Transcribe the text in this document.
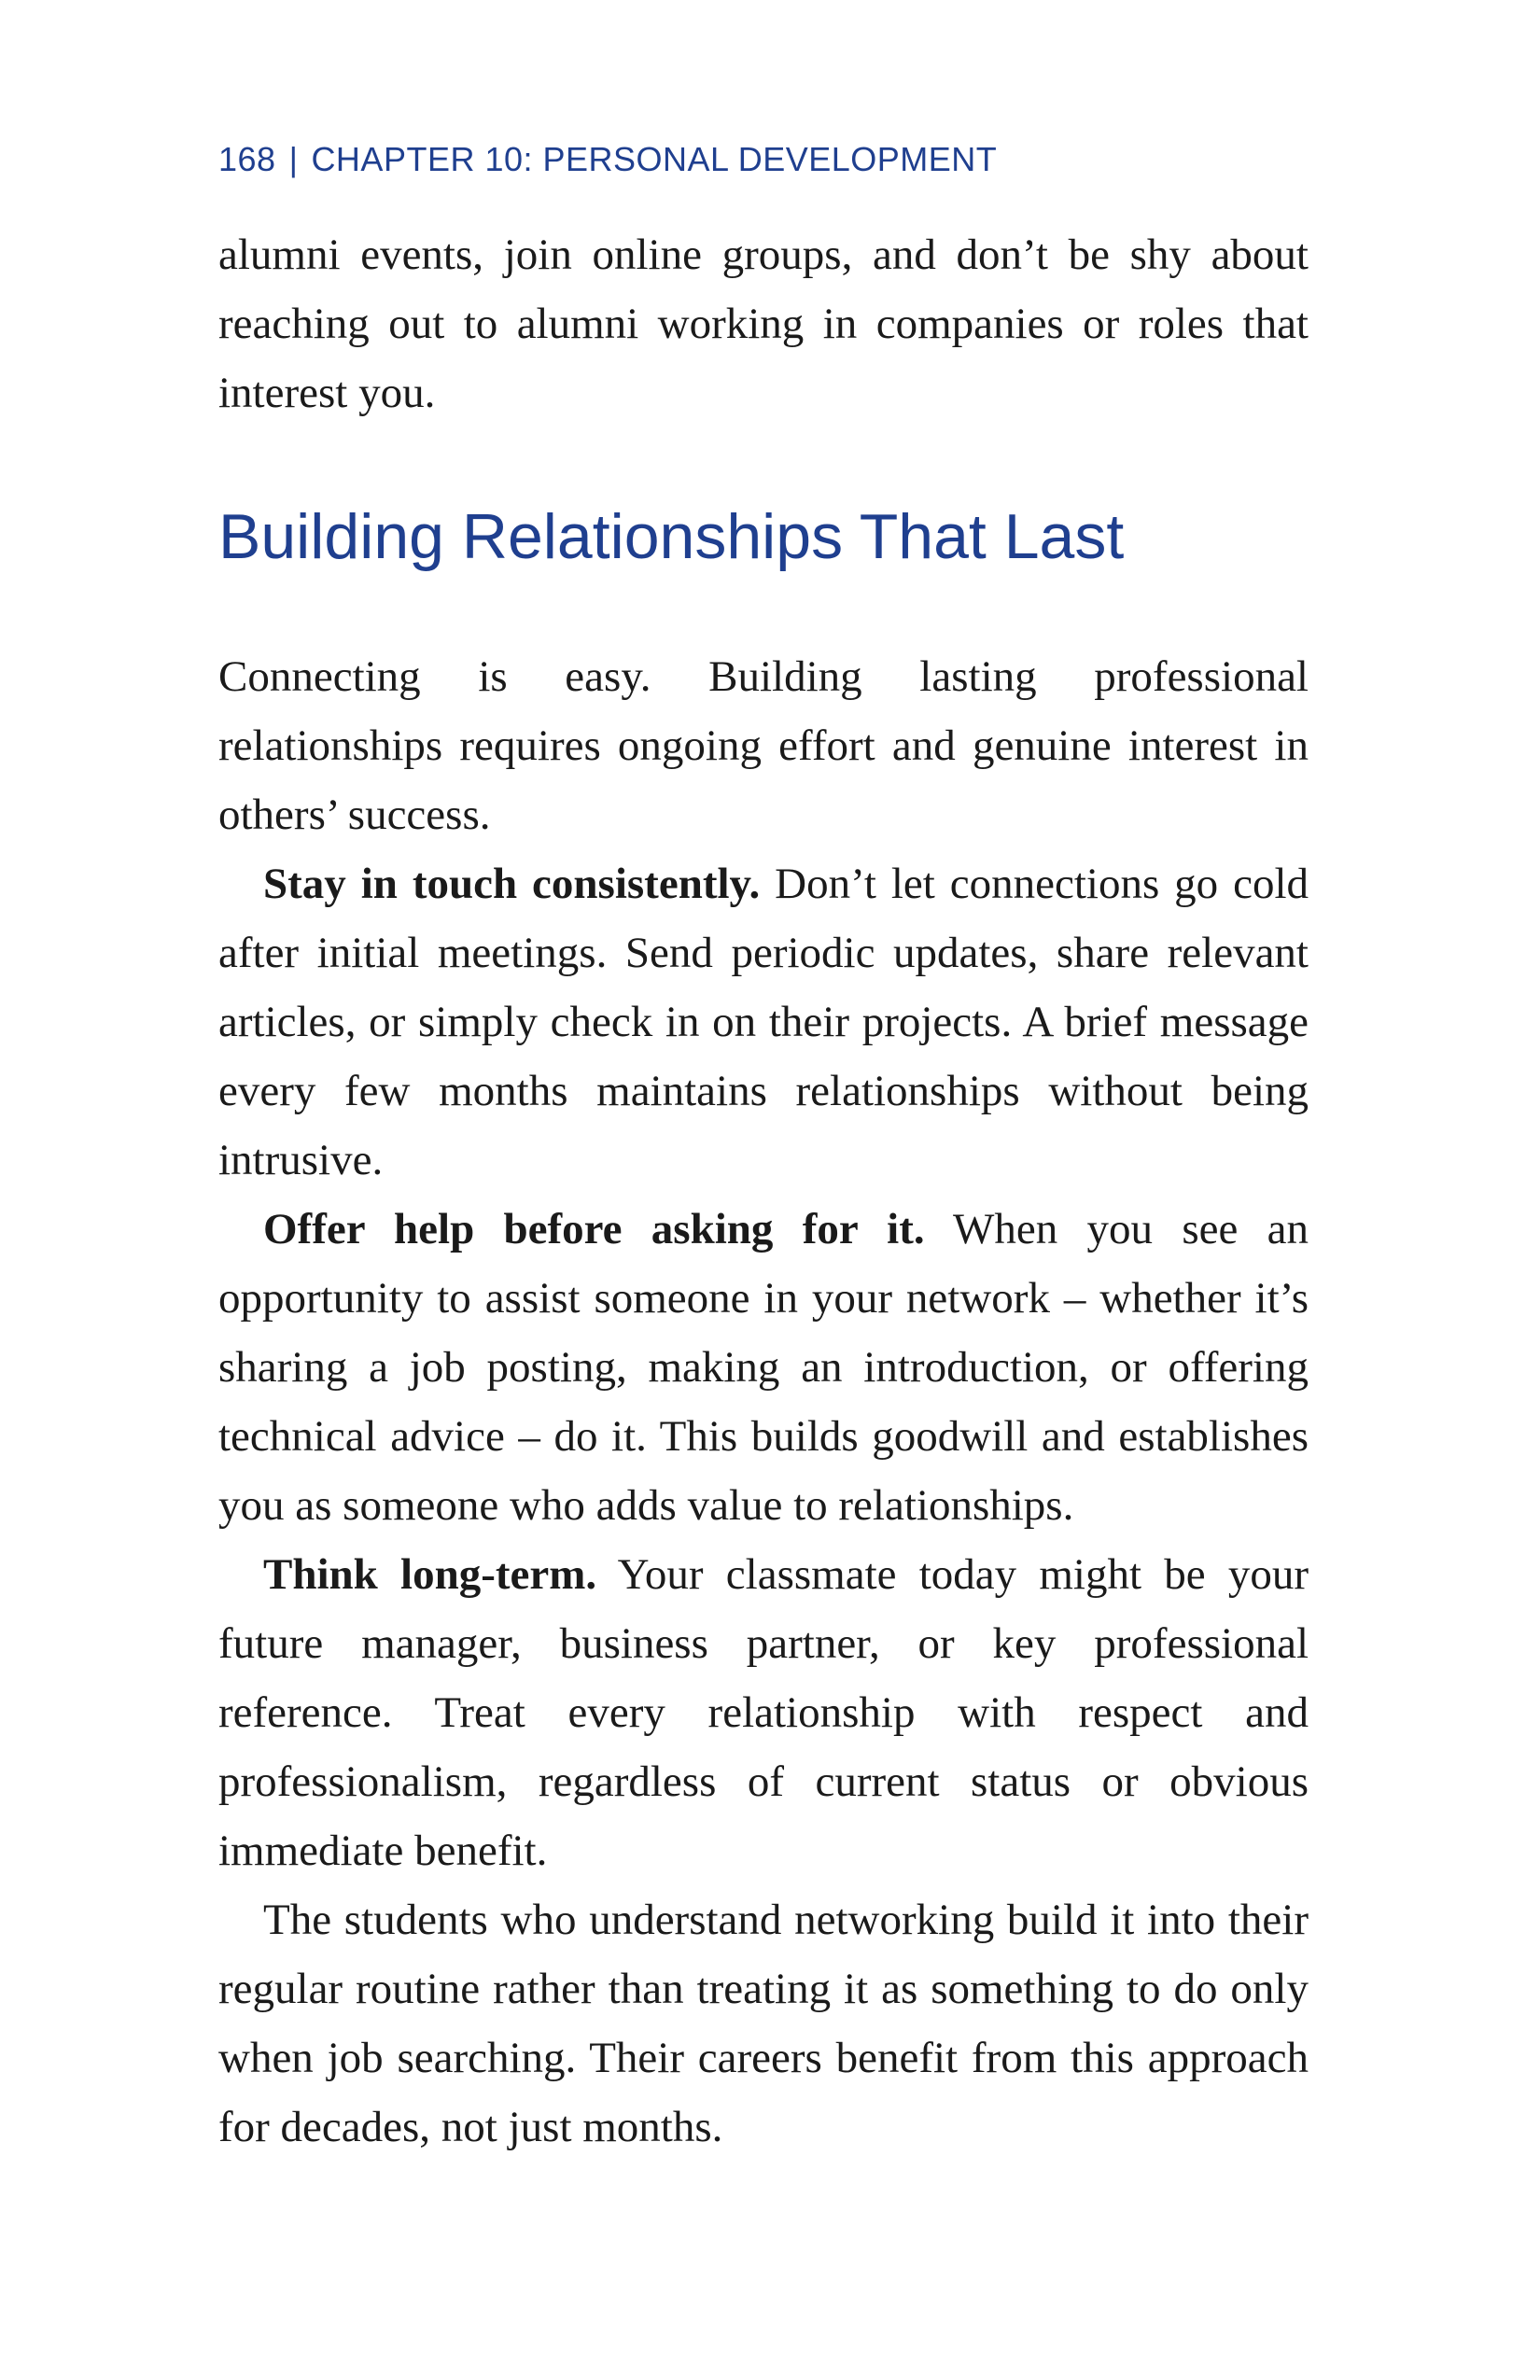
168 | CHAPTER 10: PERSONAL DEVELOPMENT

alumni events, join online groups, and don’t be shy about reaching out to alumni working in companies or roles that interest you.

Building Relationships That Last

Connecting is easy. Building lasting professional relationships requires ongoing effort and genuine interest in others’ success.

Stay in touch consistently. Don’t let connections go cold after initial meetings. Send periodic updates, share relevant articles, or simply check in on their projects. A brief message every few months maintains relationships without being intrusive.

Offer help before asking for it. When you see an opportunity to assist someone in your network – whether it’s sharing a job posting, making an introduction, or offering technical advice – do it. This builds goodwill and establishes you as someone who adds value to relationships.

Think long-term. Your classmate today might be your future manager, business partner, or key professional reference. Treat every relationship with respect and professionalism, regardless of current status or obvious immediate benefit.

The students who understand networking build it into their regular routine rather than treating it as something to do only when job searching. Their careers benefit from this approach for decades, not just months.
